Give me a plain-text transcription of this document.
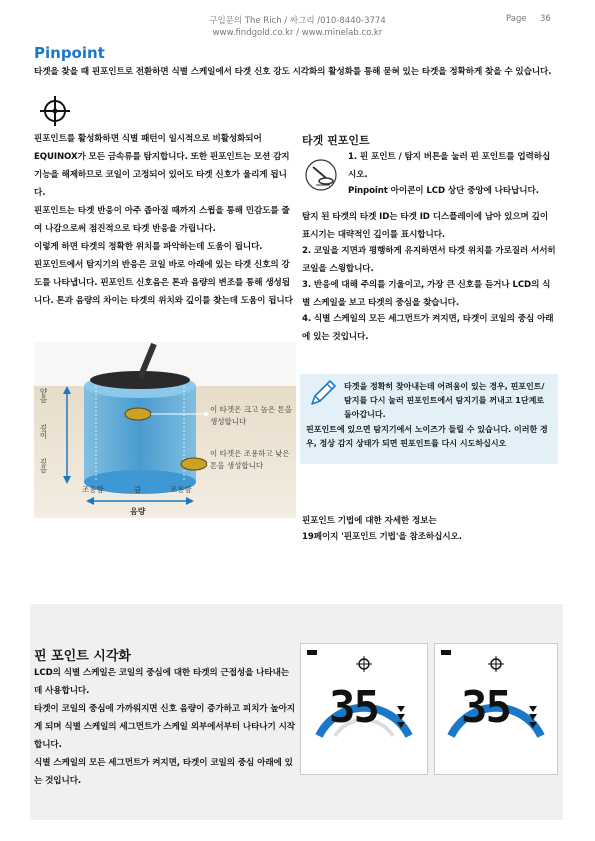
구입문의 The Rich / 싸그리 /010-8440-3774
www.findgold.co.kr / www.minelab.co.kr
Page 36
Pinpoint
타겟을 찾을 때 핀포인트로 전환하면 식별 스케일에서 타겟 신호 강도 시각화의 활성화를 통해 묻혀 있는 타겟을 정확하게 찾을 수 있습니다.
핀포인트를 활성화하면 식별 패턴이 일시적으로 비활성화되어 EQUINOX가 모든 금속류를 탐지합니다. 또한 핀포인트는 모션 감지 기능을 해제하므로 코일이 고정되어 있어도 타겟 신호가 울리게 됩니다.
핀포인트는 타겟 반응이 아주 좁아질 때까지 스윕을 통해 민감도를 줄여 나감으로써 점진적으로 타겟 반응을 가립니다.
이렇게 하면 타겟의 정확한 위치를 파악하는데 도움이 됩니다.
핀포인트에서 탐지기의 반응은 코일 바로 아래에 있는 타겟 신호의 강도를 나타냅니다. 핀포인트 신호음은 톤과 음량의 변조를 통해 생성됩니다. 톤과 음량의 차이는 타겟의 위치와 깊이를 찾는데 도움이 됩니다
타겟 핀포인트
1. 핀 포인트 / 탐지 버튼을 눌러 핀 포인트를 업력하십시오.
Pinpoint 아이콘이 LCD 상단 중앙에 나타납니다.
탐지 된 타겟의 타겟 ID는 타겟 ID 디스플레이에 남아 있으며 깊이 표시기는 대략적인 깊이를 표시합니다.
2. 코일을 지면과 평행하게 유지하면서 타겟 위치를 가로질러 서서히 코일을 스윙합니다.
3. 반응에 대해 주의를 기울이고, 가장 큰 신호를 듣거나 LCD의 식별 스케일을 보고 타겟의 중심을 찾습니다.
4. 식별 스케일의 모든 세그먼트가 켜지면, 타겟이 코일의 중심 아래에 있는 것입니다.
얕음
깊이
깊음
이 타겟은 크고 높은 톤을 생성합니다
이 타겟은 조용하고 낮은 톤을 생성합니다
조용함	큼	조용함
음량
타겟을 정확히 찾아내는데 어려움이 있는 경우, 핀포인트/탐지를 다시 눌러 핀포인트에서 탐지기를 꺼내고 1단계로 돌아갑니다.
핀포인트에 있으면 탐지기에서 노이즈가 들릴 수 있습니다. 이러한 경우, 정상 감지 상태가 되면 핀포인트를 다시 시도하십시오
핀포인트 기법에 대한 자세한 정보는
19페이지 '핀포인트 기법'을 참조하십시오.
핀 포인트 시각화
LCD의 식별 스케일은 코일의 중심에 대한 타겟의 근접성을 나타내는 데 사용합니다.
타겟이 코일의 중심에 가까워지면 신호 음량이 증가하고 피치가 높아지게 되며 식별 스케일의 세그먼트가 스케일 외부에서부터 나타나기 시작합니다.
식별 스케일의 모든 세그먼트가 켜지면, 타겟이 코일의 중심 아래에 있는 것입니다.
35 35
